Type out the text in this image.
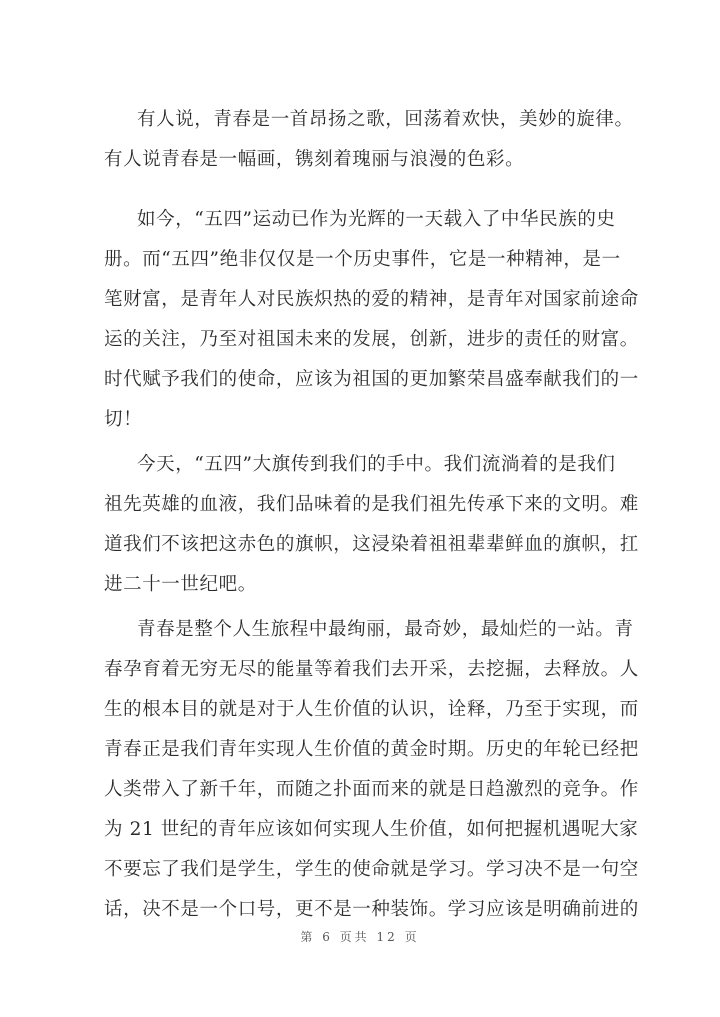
有人说，青春是一首昂扬之歌，回荡着欢快，美妙的旋律。
有人说青春是一幅画，镌刻着瑰丽与浪漫的色彩。
如今，“五四”运动已作为光辉的一天载入了中华民族的史
册。而“五四”绝非仅仅是一个历史事件，它是一种精神，是一
笔财富，是青年人对民族炽热的爱的精神，是青年对国家前途命
运的关注，乃至对祖国未来的发展，创新，进步的责任的财富。
时代赋予我们的使命，应该为祖国的更加繁荣昌盛奉献我们的一
切！
今天，“五四”大旗传到我们的手中。我们流淌着的是我们
祖先英雄的血液，我们品味着的是我们祖先传承下来的文明。难
道我们不该把这赤色的旗帜，这浸染着祖祖辈辈鲜血的旗帜，扛
进二十一世纪吧。
青春是整个人生旅程中最绚丽，最奇妙，最灿烂的一站。青
春孕育着无穷无尽的能量等着我们去开采，去挖掘，去释放。人
生的根本目的就是对于人生价值的认识，诠释，乃至于实现，而
青春正是我们青年实现人生价值的黄金时期。历史的年轮已经把
人类带入了新千年，而随之扑面而来的就是日趋激烈的竞争。作
为 21 世纪的青年应该如何实现人生价值，如何把握机遇呢大家
不要忘了我们是学生，学生的使命就是学习。学习决不是一句空
话，决不是一个口号，更不是一种装饰。学习应该是明确前进的
第 6 页共 12 页
